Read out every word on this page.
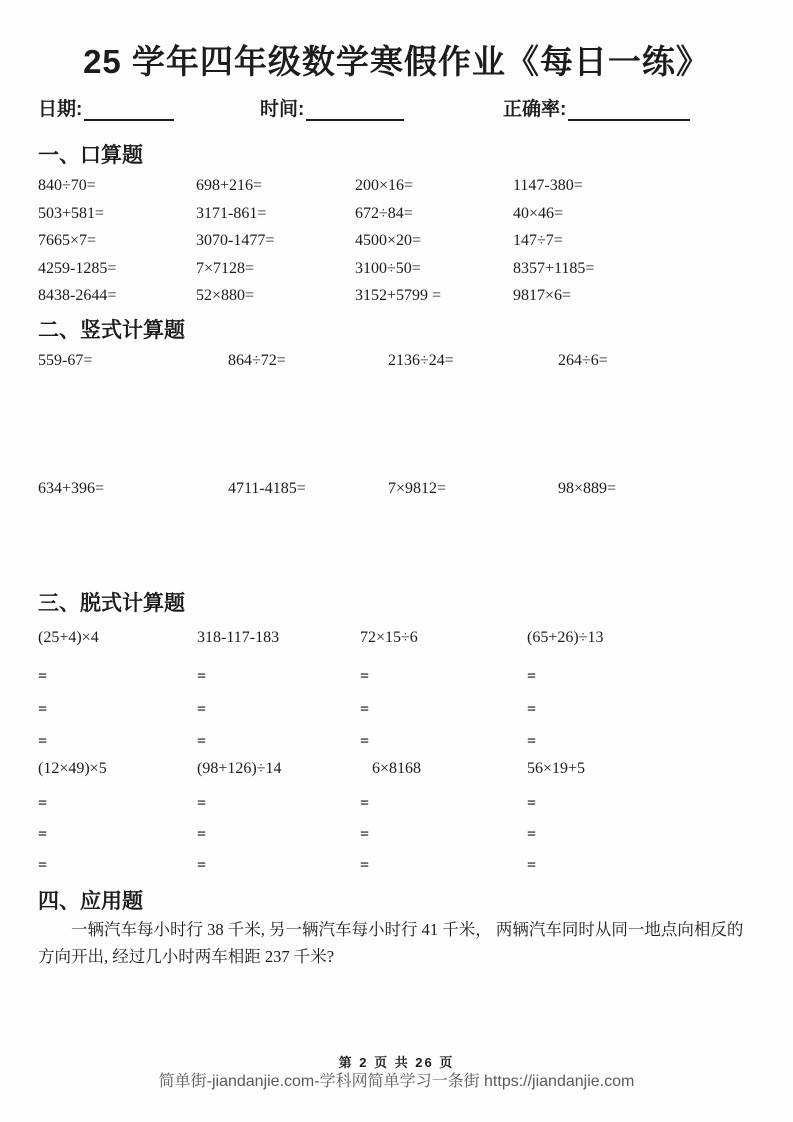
25 学年四年级数学寒假作业《每日一练》
日期:	时间:	正确率:
一、口算题
840÷70=	698+216=	200×16=	1147-380=
503+581=	3171-861=	672÷84=	40×46=
7665×7=	3070-1477=	4500×20=	147÷7=
4259-1285=	7×7128=	3100÷50=	8357+1185=
8438-2644=	52×880=	3152+5799 =	9817×6=
二、竖式计算题
559-67=	864÷72=	2136÷24=	264÷6=
634+396=	4711-4185=	7×9812=	98×889=
三、脱式计算题
(25+4)×4	318-117-183	72×15÷6	(65+26)÷13
=	=	=	=
=	=	=	=
=	=	=	=
(12×49)×5	(98+126)÷14	6×8168	56×19+5
=	=	=	=
=	=	=	=
=	=	=	=
四、应用题

一辆汽车每小时行 38 千米, 另一辆汽车每小时行 41 千米， 两辆汽车同时从同一地点向相反的方向开出, 经过几小时两车相距 237 千米?

第 2 页 共 26 页
简单街-jiandanjie.com-学科网简单学习一条街 https://jiandanjie.com
